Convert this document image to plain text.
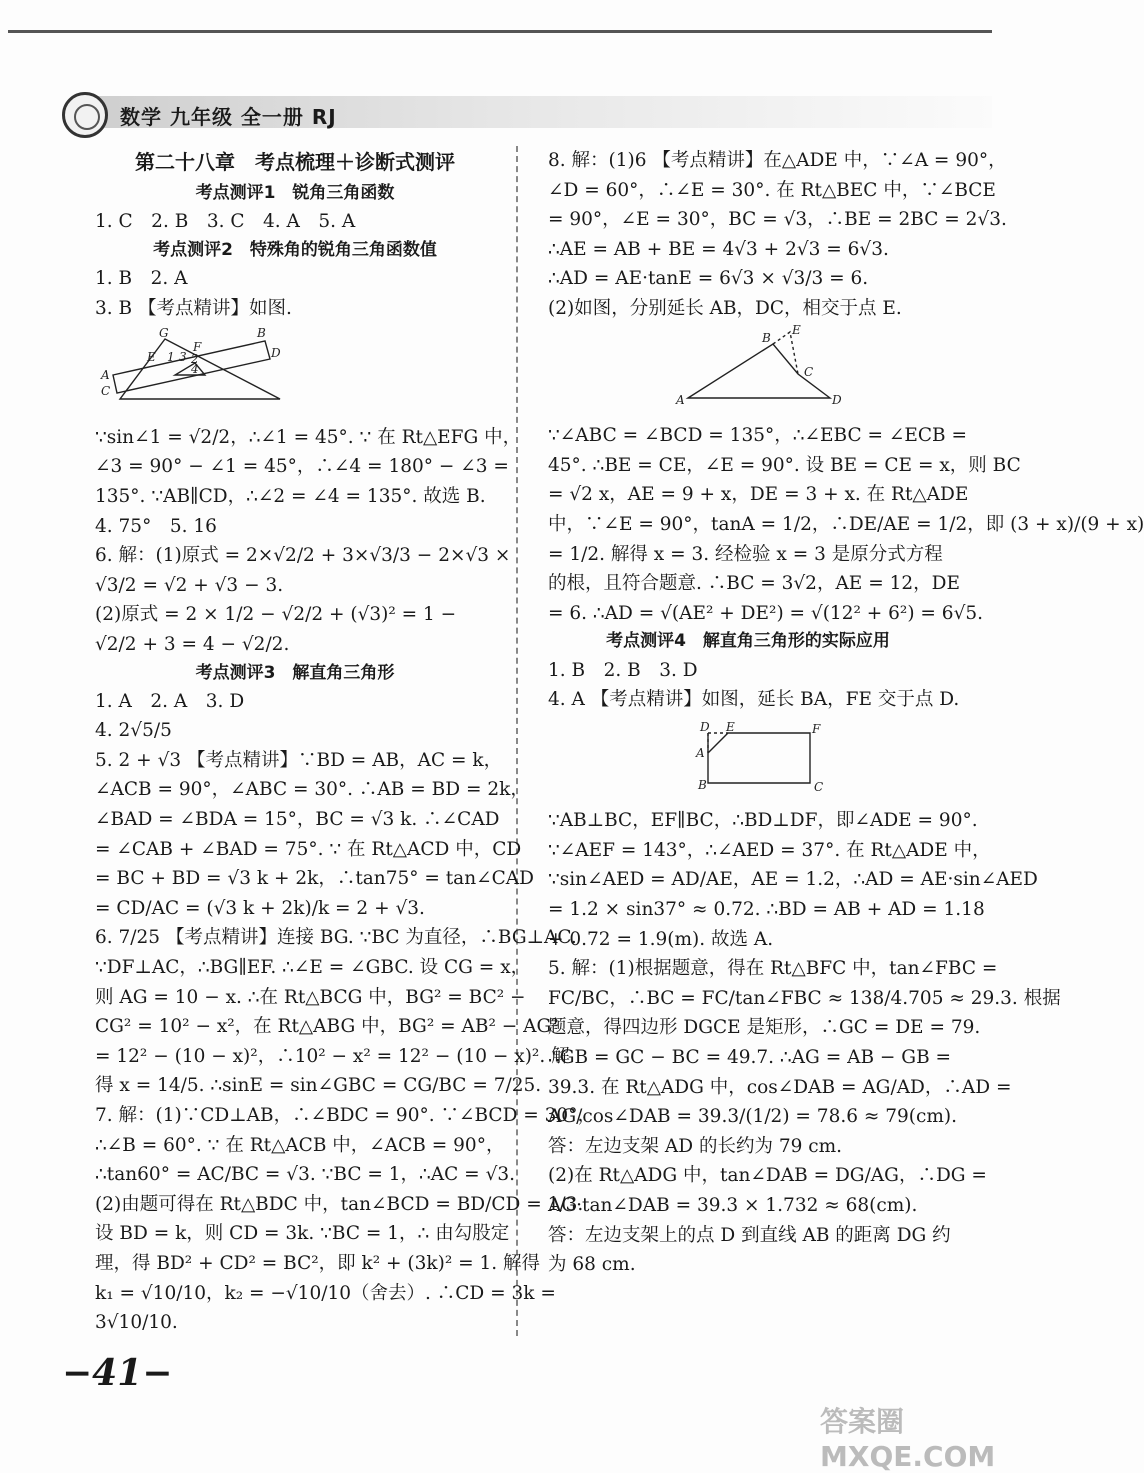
数学 九年级 全一册 RJ
第二十八章　考点梳理＋诊断式测评
考点测评1　锐角三角函数
1. C　2. B　3. C　4. A　5. A
考点测评2　特殊角的锐角三角函数值
1. B　2. A
3. B 【考点精讲】如图.
G	B
E
F
1 3 2
4
D
A
C
∵sin∠1 = √2/2，∴∠1 = 45°. ∵ 在 Rt△EFG 中，
∠3 = 90° − ∠1 = 45°，∴∠4 = 180° − ∠3 =
135°. ∵AB∥CD，∴∠2 = ∠4 = 135°. 故选 B.
4. 75°　5. 16
6. 解：(1)原式 = 2×√2/2 + 3×√3/3 − 2×√3 ×
√3/2 = √2 + √3 − 3.
(2)原式 = 2 × 1/2 − √2/2 + (√3)² = 1 −
√2/2 + 3 = 4 − √2/2.
考点测评3　解直角三角形
1. A　2. A　3. D
4. 2√5/5
5. 2 + √3 【考点精讲】∵BD = AB，AC = k，
∠ACB = 90°，∠ABC = 30°. ∴AB = BD = 2k，
∠BAD = ∠BDA = 15°，BC = √3 k. ∴∠CAD
= ∠CAB + ∠BAD = 75°. ∵ 在 Rt△ACD 中，CD
= BC + BD = √3 k + 2k，∴tan75° = tan∠CAD
= CD/AC = (√3 k + 2k)/k = 2 + √3.
6. 7/25 【考点精讲】连接 BG. ∵BC 为直径，∴BG⊥AC.
∵DF⊥AC，∴BG∥EF. ∴∠E = ∠GBC. 设 CG = x，
则 AG = 10 − x. ∴在 Rt△BCG 中，BG² = BC² −
CG² = 10² − x²，在 Rt△ABG 中，BG² = AB² − AG²
= 12² − (10 − x)²，∴10² − x² = 12² − (10 − x)². 解
得 x = 14/5. ∴sinE = sin∠GBC = CG/BC = 7/25.
7. 解：(1)∵CD⊥AB，∴∠BDC = 90°. ∵∠BCD = 30°，
∴∠B = 60°. ∵ 在 Rt△ACB 中，∠ACB = 90°，
∴tan60° = AC/BC = √3. ∵BC = 1，∴AC = √3.
(2)由题可得在 Rt△BDC 中，tan∠BCD = BD/CD = 1/3.
设 BD = k，则 CD = 3k. ∵BC = 1，∴ 由勾股定
理，得 BD² + CD² = BC²，即 k² + (3k)² = 1. 解得
k₁ = √10/10，k₂ = −√10/10（舍去）. ∴CD = 3k =
3√10/10.
8. 解：(1)6 【考点精讲】在△ADE 中，∵∠A = 90°，
∠D = 60°，∴∠E = 30°. 在 Rt△BEC 中，∵∠BCE
= 90°，∠E = 30°，BC = √3，∴BE = 2BC = 2√3.
∴AE = AB + BE = 4√3 + 2√3 = 6√3.
∴AD = AE·tanE = 6√3 × √3/3 = 6.
(2)如图，分别延长 AB，DC，相交于点 E.
B
E
C
A	D
∵∠ABC = ∠BCD = 135°，∴∠EBC = ∠ECB =
45°. ∴BE = CE，∠E = 90°. 设 BE = CE = x，则 BC
= √2 x，AE = 9 + x，DE = 3 + x. 在 Rt△ADE
中，∵∠E = 90°，tanA = 1/2，∴DE/AE = 1/2，即 (3 + x)/(9 + x)
= 1/2. 解得 x = 3. 经检验 x = 3 是原分式方程
的根，且符合题意. ∴BC = 3√2，AE = 12，DE
= 6. ∴AD = √(AE² + DE²) = √(12² + 6²) = 6√5.
考点测评4　解直角三角形的实际应用
1. B　2. B　3. D
4. A 【考点精讲】如图，延长 BA，FE 交于点 D.
D E	F
A
B	C
∵AB⊥BC，EF∥BC，∴BD⊥DF，即∠ADE = 90°.
∵∠AEF = 143°，∴∠AED = 37°. 在 Rt△ADE 中，
∵sin∠AED = AD/AE，AE = 1.2，∴AD = AE·sin∠AED
= 1.2 × sin37° ≈ 0.72. ∴BD = AB + AD = 1.18
+ 0.72 = 1.9(m). 故选 A.
5. 解：(1)根据题意，得在 Rt△BFC 中，tan∠FBC =
FC/BC，∴BC = FC/tan∠FBC ≈ 138/4.705 ≈ 29.3. 根据
题意，得四边形 DGCE 是矩形，∴GC = DE = 79.
∴GB = GC − BC = 49.7. ∴AG = AB − GB =
39.3. 在 Rt△ADG 中，cos∠DAB = AG/AD，∴AD =
AG/cos∠DAB = 39.3/(1/2) = 78.6 ≈ 79(cm).
答：左边支架 AD 的长约为 79 cm.
(2)在 Rt△ADG 中，tan∠DAB = DG/AG，∴DG =
AG·tan∠DAB = 39.3 × 1.732 ≈ 68(cm).
答：左边支架上的点 D 到直线 AB 的距离 DG 约
为 68 cm.
−41−
答案圈 MXQE.COM
